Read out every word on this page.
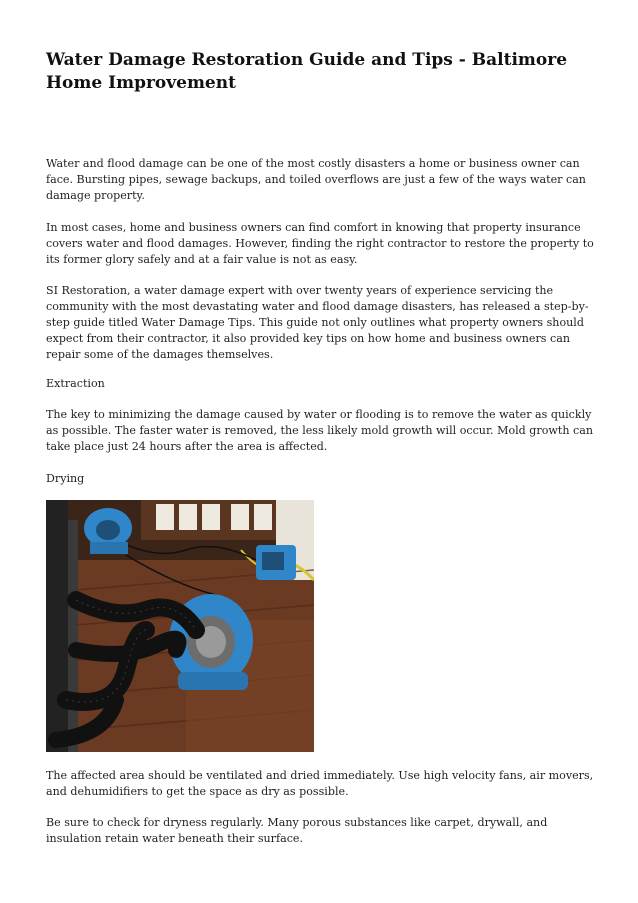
Water Damage Restoration Guide and Tips - Baltimore Home Improvement

Water and flood damage can be one of the most costly disasters a home or business owner can face. Bursting pipes, sewage backups, and toiled overflows are just a few of the ways water can damage property.

In most cases, home and business owners can find comfort in knowing that property insurance covers water and flood damages. However, finding the right contractor to restore the property to its former glory safely and at a fair value is not as easy.

SI Restoration, a water damage expert with over twenty years of experience servicing the community with the most devastating water and flood damage disasters, has released a step-by-step guide titled Water Damage Tips. This guide not only outlines what property owners should expect from their contractor, it also provided key tips on how home and business owners can repair some of the damages themselves.

Extraction

The key to minimizing the damage caused by water or flooding is to remove the water as quickly as possible. The faster water is removed, the less likely mold growth will occur. Mold growth can take place just 24 hours after the area is affected.

Drying

The affected area should be ventilated and dried immediately. Use high velocity fans, air movers, and dehumidifiers to get the space as dry as possible.

Be sure to check for dryness regularly. Many porous substances like carpet, drywall, and insulation retain water beneath their surface.
